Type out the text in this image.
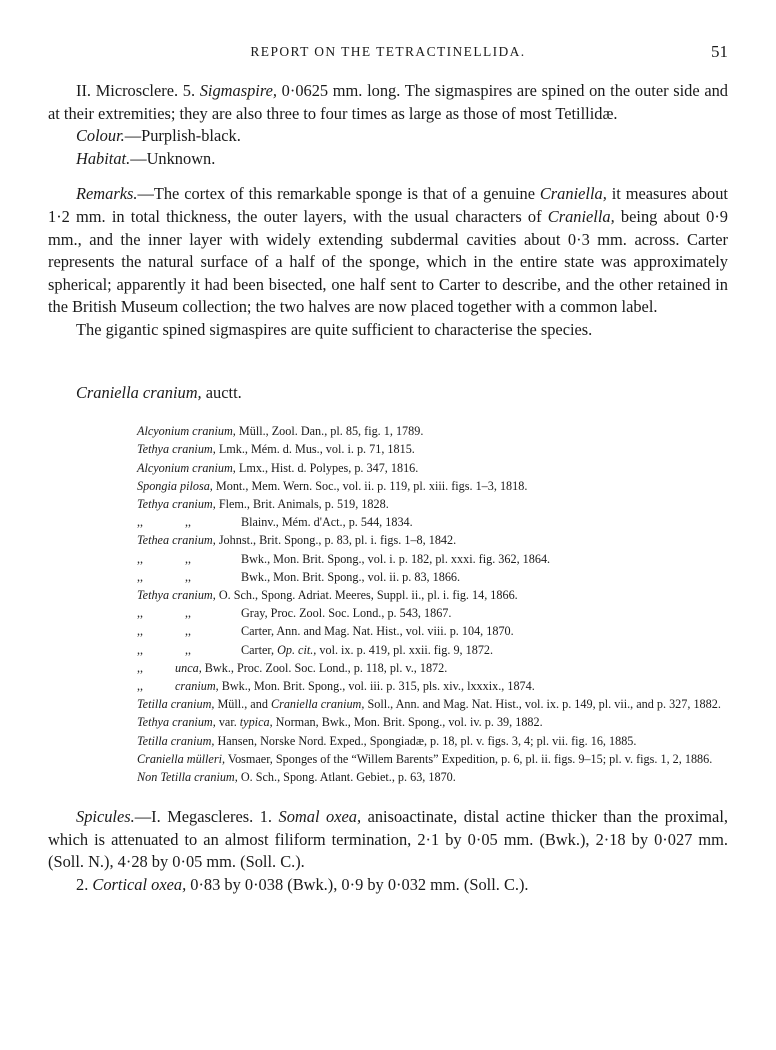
REPORT ON THE TETRACTINELLIDA.	51

II. Microsclere. 5. Sigmaspire, 0·0625 mm. long. The sigmaspires are spined on the outer side and at their extremities; they are also three to four times as large as those of most Tetillidæ.

Colour.—Purplish-black.

Habitat.—Unknown.

Remarks.—The cortex of this remarkable sponge is that of a genuine Craniella, it measures about 1·2 mm. in total thickness, the outer layers, with the usual characters of Craniella, being about 0·9 mm., and the inner layer with widely extending subdermal cavities about 0·3 mm. across. Carter represents the natural surface of a half of the sponge, which in the entire state was approximately spherical; apparently it had been bisected, one half sent to Carter to describe, and the other retained in the British Museum collection; the two halves are now placed together with a common label.

The gigantic spined sigmaspires are quite sufficient to characterise the species.

Craniella cranium, auctt.

Alcyonium cranium, Müll., Zool. Dan., pl. 85, fig. 1, 1789.
Tethya cranium, Lmk., Mém. d. Mus., vol. i. p. 71, 1815.
Alcyonium cranium, Lmx., Hist. d. Polypes, p. 347, 1816.
Spongia pilosa, Mont., Mem. Wern. Soc., vol. ii. p. 119, pl. xiii. figs. 1–3, 1818.
Tethya cranium, Flem., Brit. Animals, p. 519, 1828.
,,	,,	Blainv., Mém. d'Act., p. 544, 1834.
Tethea cranium, Johnst., Brit. Spong., p. 83, pl. i. figs. 1–8, 1842.
,,	,,	Bwk., Mon. Brit. Spong., vol. i. p. 182, pl. xxxi. fig. 362, 1864.
,,	,,	Bwk., Mon. Brit. Spong., vol. ii. p. 83, 1866.
Tethya cranium, O. Sch., Spong. Adriat. Meeres, Suppl. ii., pl. i. fig. 14, 1866.
,,	,,	Gray, Proc. Zool. Soc. Lond., p. 543, 1867.
,,	,,	Carter, Ann. and Mag. Nat. Hist., vol. viii. p. 104, 1870.
,,	,,	Carter, Op. cit., vol. ix. p. 419, pl. xxii. fig. 9, 1872.
,,	unca, Bwk., Proc. Zool. Soc. Lond., p. 118, pl. v., 1872.
,,	cranium, Bwk., Mon. Brit. Spong., vol. iii. p. 315, pls. xiv., lxxxix., 1874.
Tetilla cranium, Müll., and Craniella cranium, Soll., Ann. and Mag. Nat. Hist., vol. ix. p. 149, pl. vii., and p. 327, 1882.
Tethya cranium, var. typica, Norman, Bwk., Mon. Brit. Spong., vol. iv. p. 39, 1882.
Tetilla cranium, Hansen, Norske Nord. Exped., Spongiadæ, p. 18, pl. v. figs. 3, 4; pl. vii. fig. 16, 1885.
Craniella mülleri, Vosmaer, Sponges of the “Willem Barents” Expedition, p. 6, pl. ii. figs. 9–15; pl. v. figs. 1, 2, 1886.
Non Tetilla cranium, O. Sch., Spong. Atlant. Gebiet., p. 63, 1870.

Spicules.—I. Megascleres. 1. Somal oxea, anisoactinate, distal actine thicker than the proximal, which is attenuated to an almost filiform termination, 2·1 by 0·05 mm. (Bwk.), 2·18 by 0·027 mm. (Soll. N.), 4·28 by 0·05 mm. (Soll. C.).

2. Cortical oxea, 0·83 by 0·038 (Bwk.), 0·9 by 0·032 mm. (Soll. C.).
